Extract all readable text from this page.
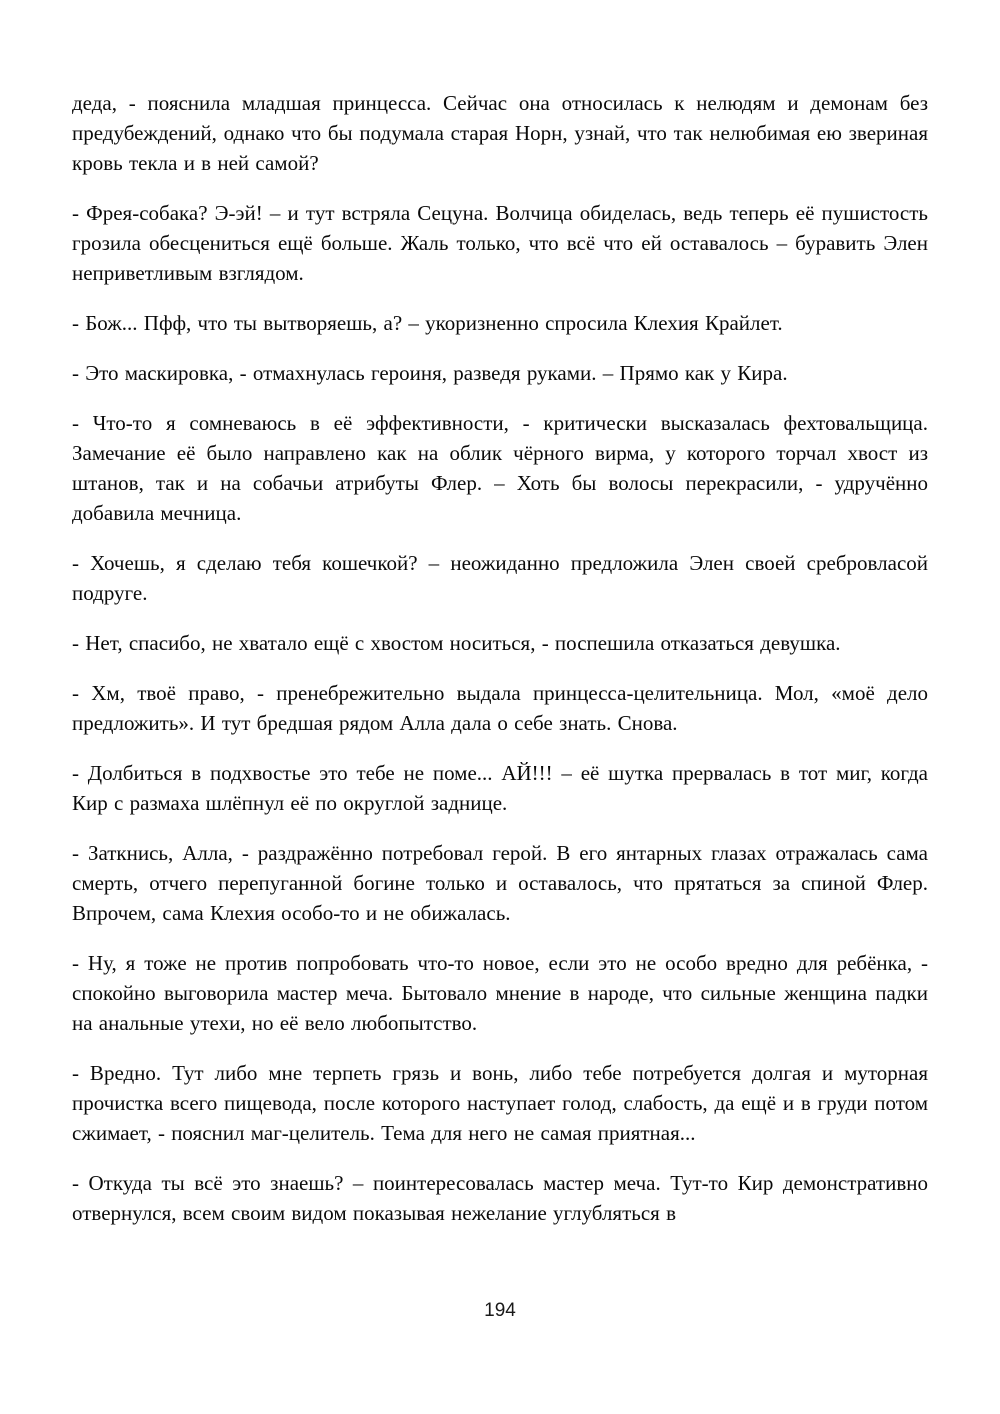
деда, - пояснила младшая принцесса. Сейчас она относилась к нелюдям и демонам без предубеждений, однако что бы подумала старая Норн, узнай, что так нелюбимая ею звериная кровь текла и в ней самой?

- Фрея-собака? Э-эй! – и тут встряла Сецуна. Волчица обиделась, ведь теперь её пушистость грозила обесцениться ещё больше. Жаль только, что всё что ей оставалось – буравить Элен неприветливым взглядом.

- Бож... Пфф, что ты вытворяешь, а? – укоризненно спросила Клехия Крайлет.

- Это маскировка, - отмахнулась героиня, разведя руками. – Прямо как у Кира.

- Что-то я сомневаюсь в её эффективности, - критически высказалась фехтовальщица. Замечание её было направлено как на облик чёрного вирма, у которого торчал хвост из штанов, так и на собачьи атрибуты Флер. – Хоть бы волосы перекрасили, - удручённо добавила мечница.

- Хочешь, я сделаю тебя кошечкой? – неожиданно предложила Элен своей сребровласой подруге.

- Нет, спасибо, не хватало ещё с хвостом носиться, - поспешила отказаться девушка.

- Хм, твоё право, - пренебрежительно выдала принцесса-целительница. Мол, «моё дело предложить». И тут бредшая рядом Алла дала о себе знать. Снова.

- Долбиться в подхвостье это тебе не поме... АЙ!!! – её шутка прервалась в тот миг, когда Кир с размаха шлёпнул её по округлой заднице.

- Заткнись, Алла, - раздражённо потребовал герой. В его янтарных глазах отражалась сама смерть, отчего перепуганной богине только и оставалось, что прятаться за спиной Флер. Впрочем, сама Клехия особо-то и не обижалась.

- Ну, я тоже не против попробовать что-то новое, если это не особо вредно для ребёнка, - спокойно выговорила мастер меча. Бытовало мнение в народе, что сильные женщина падки на анальные утехи, но её вело любопытство.

- Вредно. Тут либо мне терпеть грязь и вонь, либо тебе потребуется долгая и муторная прочистка всего пищевода, после которого наступает голод, слабость, да ещё и в груди потом сжимает, - пояснил маг-целитель. Тема для него не самая приятная...

- Откуда ты всё это знаешь? – поинтересовалась мастер меча. Тут-то Кир демонстративно отвернулся, всем своим видом показывая нежелание углубляться в

194
